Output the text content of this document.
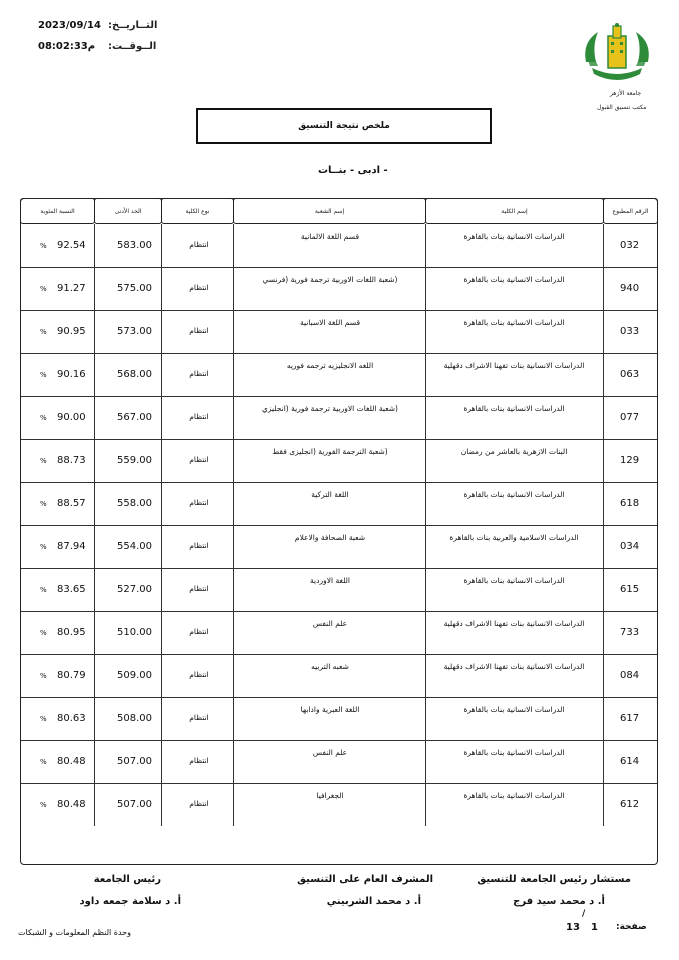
2023/09/14 التــاريــخ:
08:02:33م الــوقــت:
جامعة الأزهر
مكتب تنسيق القبول
ملخص نتيجة التنسيق
- ادبى - بنــات
الرقم المطبوع
إسم الكلية
إسم الشعبة
نوع الكلية
الحد الأدنى
النسبة المئوية
032
الدراسات الانسانية بنات بالقاهرة
قسم اللغة الالمانية
انتظام
583.00
92.54
%
940
الدراسات الانسانية بنات بالقاهرة
(شعبة اللغات الاوربية ترجمة فورية (فرنسي
انتظام
575.00
91.27
%
033
الدراسات الانسانية بنات بالقاهرة
قسم اللغة الاسبانية
انتظام
573.00
90.95
%
063
الدراسات الانسانية بنات تفهنا الاشراف دقهلية
اللغه الانجليزيه ترجمه فوريه
انتظام
568.00
90.16
%
077
الدراسات الانسانية بنات بالقاهرة
(شعبة اللغات الاوربية ترجمة فورية (انجليزي
انتظام
567.00
90.00
%
129
البنات الازهرية بالعاشر من رمضان
(شعبة الترجمة الفورية (انجليزى فقط
انتظام
559.00
88.73
%
618
الدراسات الانسانية بنات بالقاهرة
اللغة التركية
انتظام
558.00
88.57
%
034
الدراسات الاسلامية والعربية بنات بالقاهرة
شعبة الصحافة والاعلام
انتظام
554.00
87.94
%
615
الدراسات الانسانية بنات بالقاهرة
اللغة الاوردية
انتظام
527.00
83.65
%
733
الدراسات الانسانية بنات تفهنا الاشراف دقهلية
علم النفس
انتظام
510.00
80.95
%
084
الدراسات الانسانية بنات تفهنا الاشراف دقهلية
شعبه التربيه
انتظام
509.00
80.79
%
617
الدراسات الانسانية بنات بالقاهرة
اللغة العبرية وادابها
انتظام
508.00
80.63
%
614
الدراسات الانسانية بنات بالقاهرة
علم النفس
انتظام
507.00
80.48
%
612
الدراسات الانسانية بنات بالقاهرة
الجغرافيا
انتظام
507.00
80.48
%
مستشار رئيس الجامعة للتنسيق
أ. د محمد سيد فرج
المشرف العام على التنسيق
أ. د محمد الشربيني
رئيس الجامعة
أ. د سلامة جمعه داود
وحدة النظم المعلومات و الشبكات
/
13 1 صفحة:
